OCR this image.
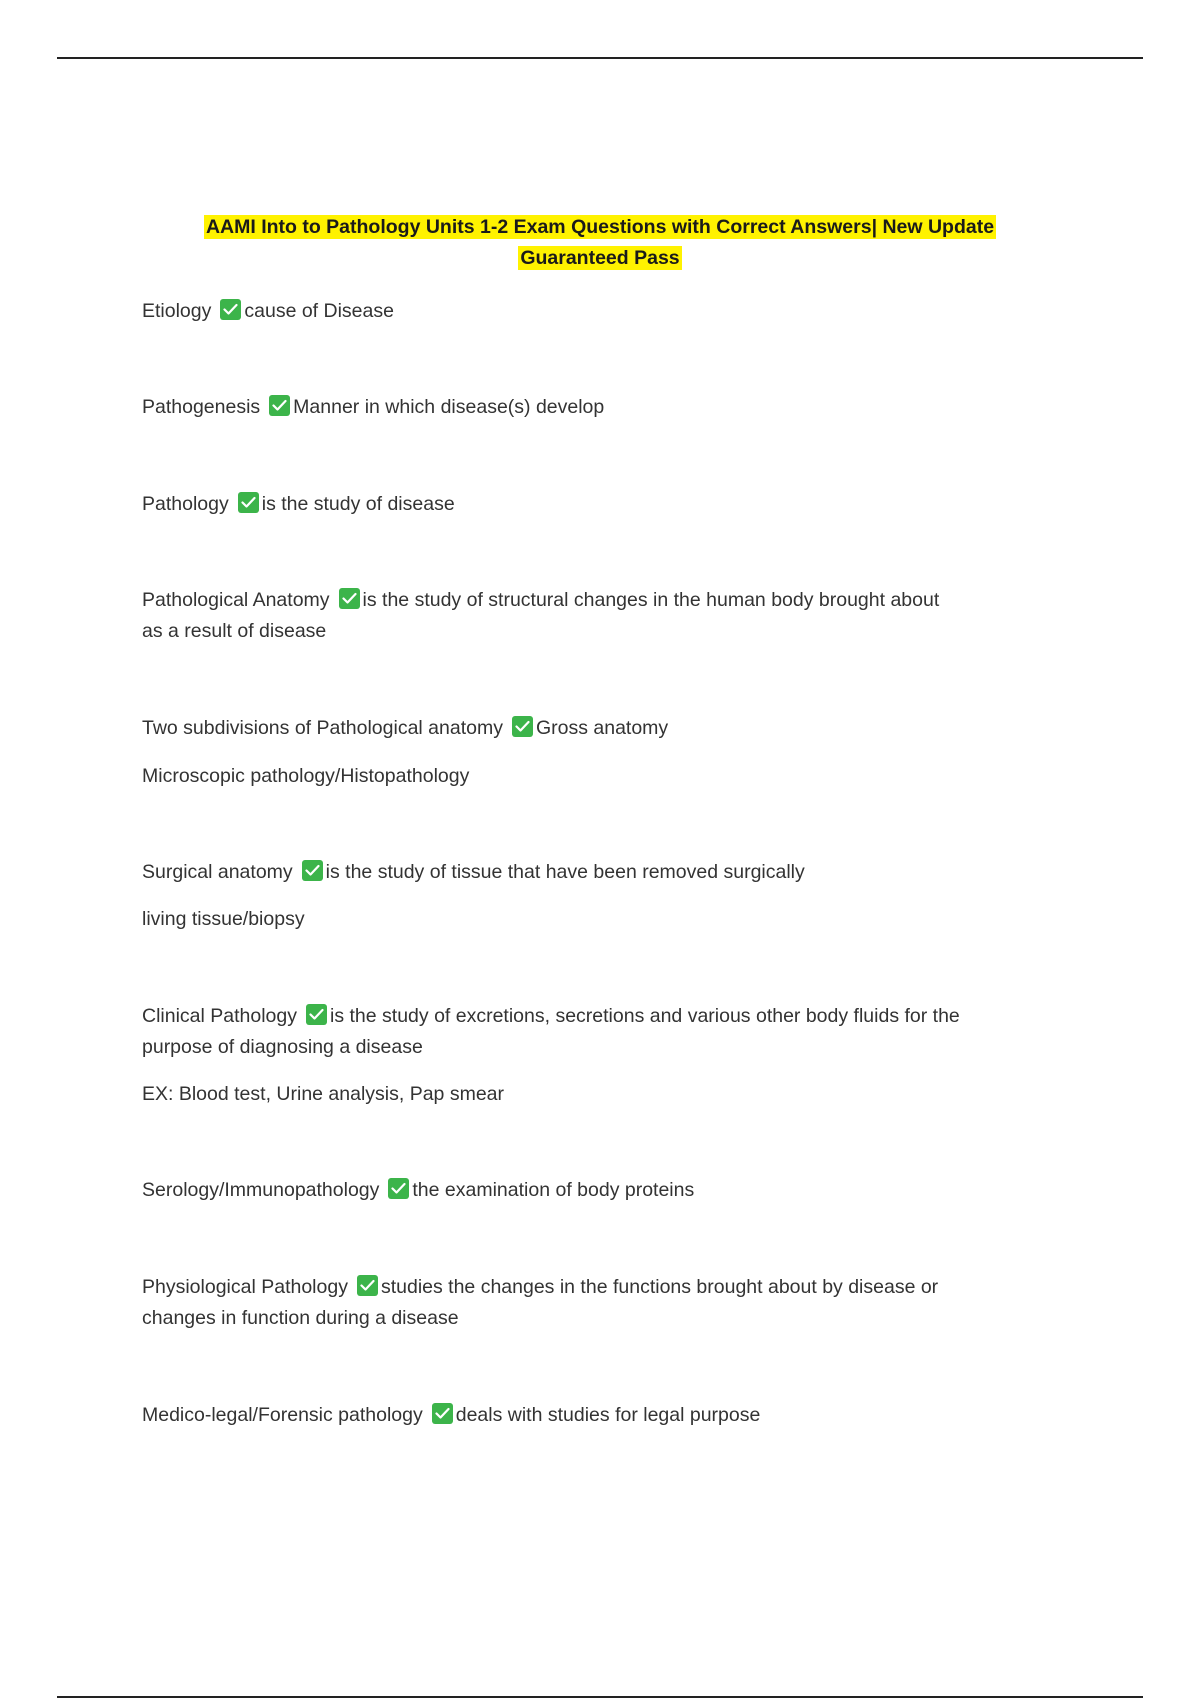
AAMI Into to Pathology Units 1-2 Exam Questions with Correct Answers| New Update
Guaranteed Pass
Etiology cause of Disease
Pathogenesis Manner in which disease(s) develop
Pathology is the study of disease
Pathological Anatomy is the study of structural changes in the human body brought about
as a result of disease
Two subdivisions of Pathological anatomy Gross anatomy
Microscopic pathology/Histopathology
Surgical anatomy is the study of tissue that have been removed surgically
living tissue/biopsy
Clinical Pathology is the study of excretions, secretions and various other body fluids for the
purpose of diagnosing a disease
EX: Blood test, Urine analysis, Pap smear
Serology/Immunopathology the examination of body proteins
Physiological Pathology studies the changes in the functions brought about by disease or
changes in function during a disease
Medico-legal/Forensic pathology deals with studies for legal purpose
